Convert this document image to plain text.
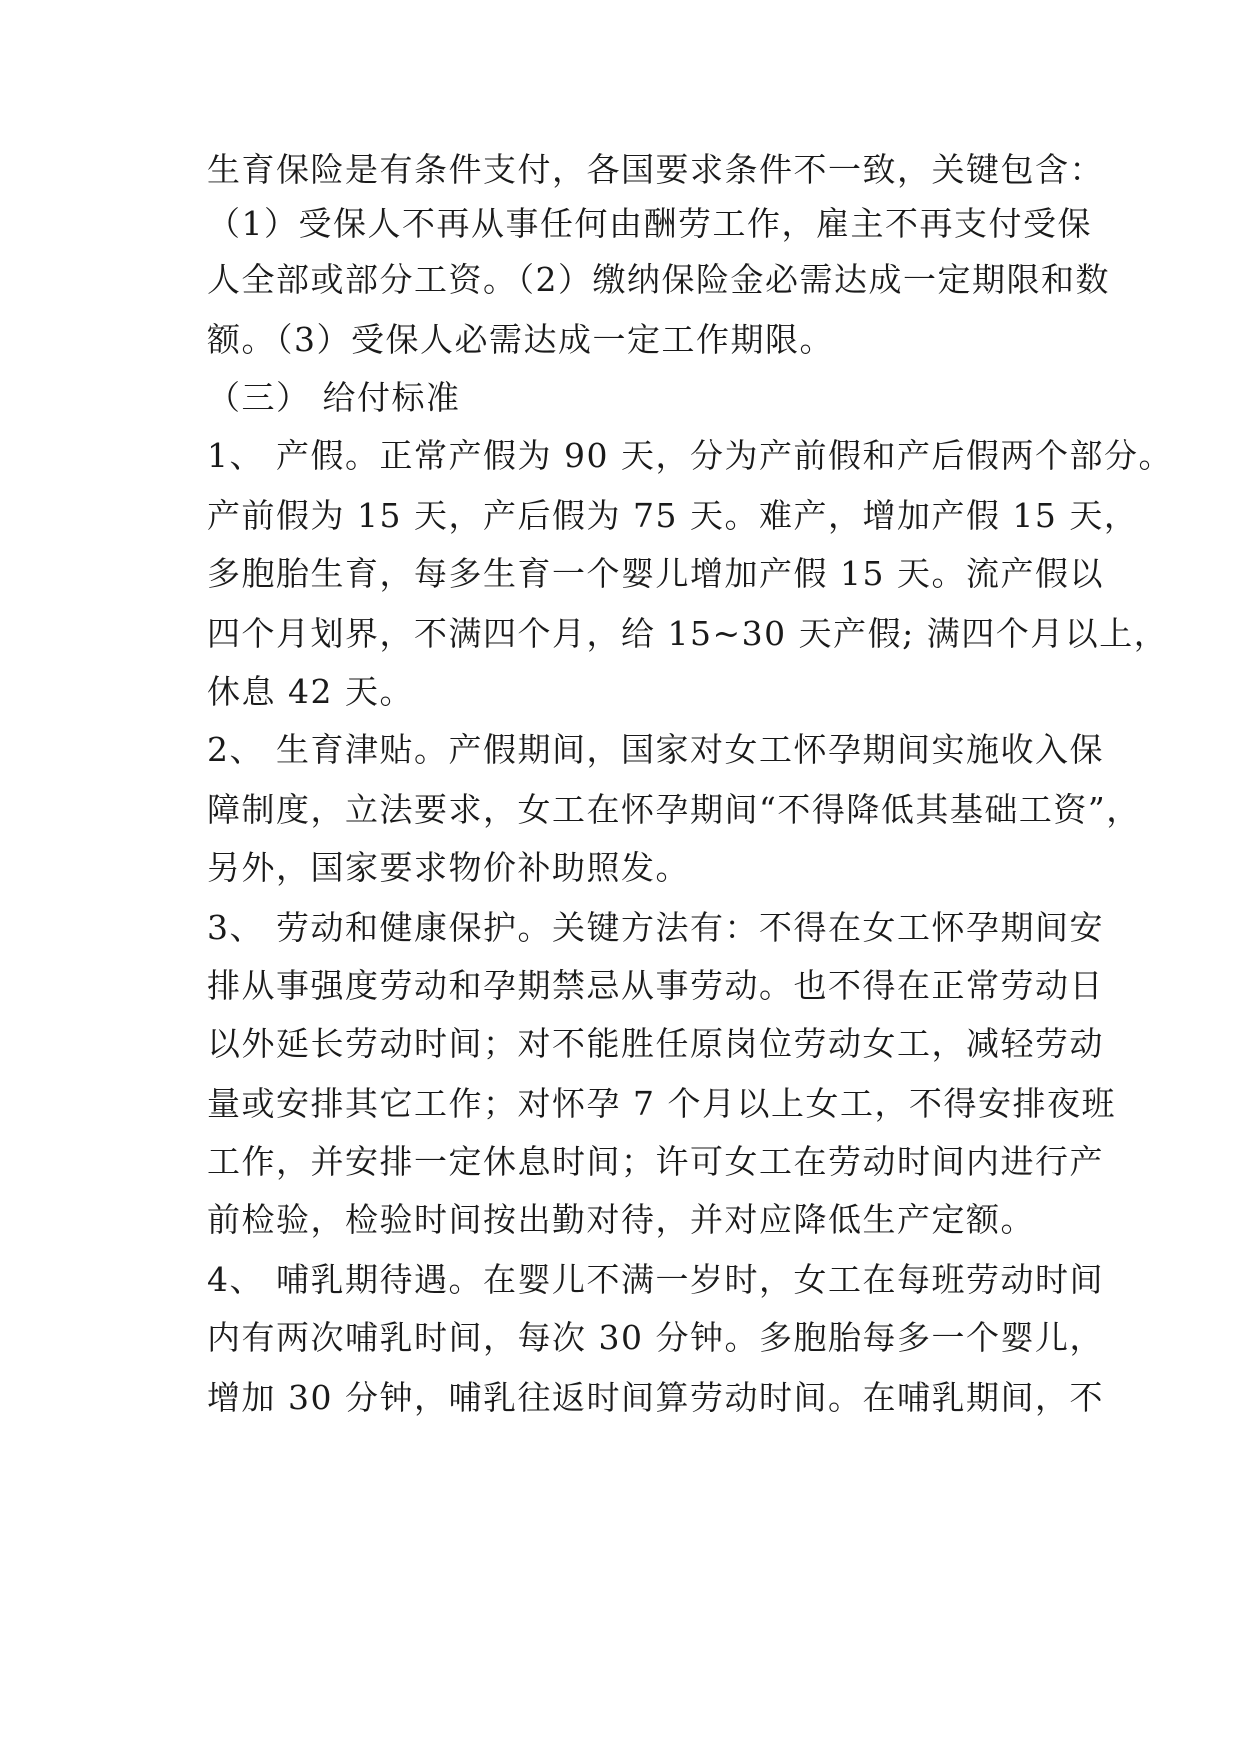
生育保险是有条件支付，各国要求条件不一致，关键包含：
（1）受保人不再从事任何由酬劳工作，雇主不再支付受保
人全部或部分工资。（2）缴纳保险金必需达成一定期限和数
额。（3）受保人必需达成一定工作期限。
（三） 给付标准
1、 产假。正常产假为 90 天，分为产前假和产后假两个部分。
产前假为 15 天，产后假为 75 天。难产，增加产假 15 天，
多胞胎生育，每多生育一个婴儿增加产假 15 天。流产假以
四个月划界，不满四个月，给 15~30 天产假; 满四个月以上，
休息 42 天。
2、 生育津贴。产假期间，国家对女工怀孕期间实施收入保
障制度，立法要求，女工在怀孕期间“不得降低其基础工资”，
另外，国家要求物价补助照发。
3、 劳动和健康保护。关键方法有：不得在女工怀孕期间安
排从事强度劳动和孕期禁忌从事劳动。也不得在正常劳动日
以外延长劳动时间；对不能胜任原岗位劳动女工，减轻劳动
量或安排其它工作；对怀孕 7 个月以上女工，不得安排夜班
工作，并安排一定休息时间；许可女工在劳动时间内进行产
前检验，检验时间按出勤对待，并对应降低生产定额。
4、 哺乳期待遇。在婴儿不满一岁时，女工在每班劳动时间
内有两次哺乳时间，每次 30 分钟。多胞胎每多一个婴儿，
增加 30 分钟，哺乳往返时间算劳动时间。在哺乳期间，不
